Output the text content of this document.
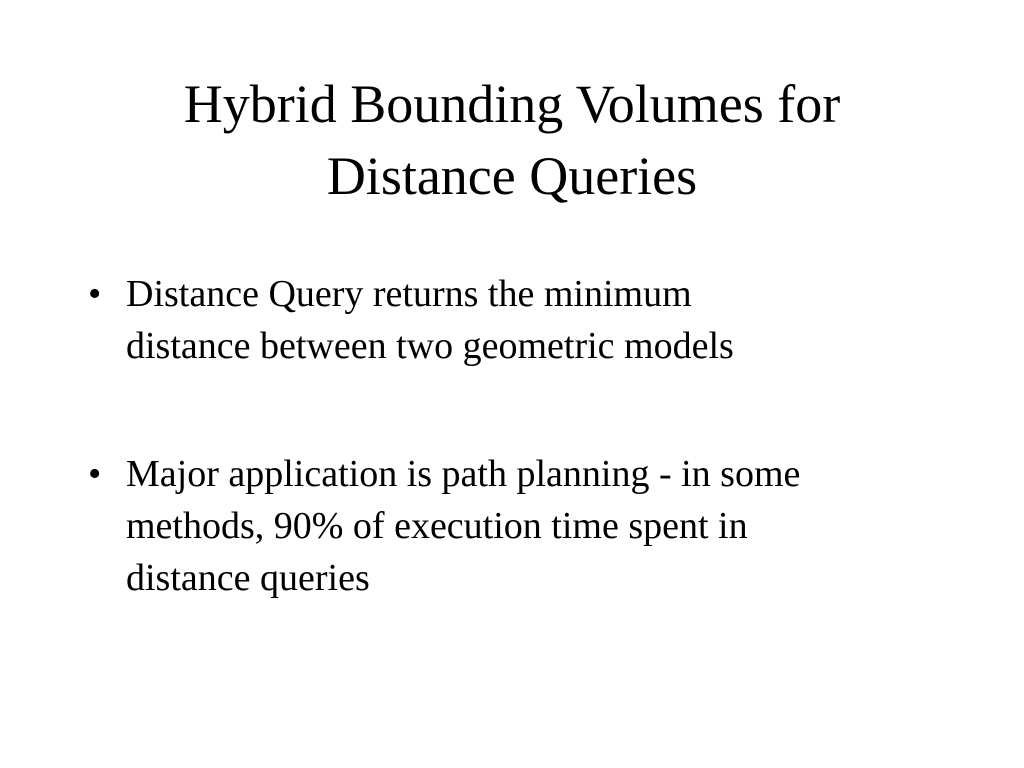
Hybrid Bounding Volumes for
Distance Queries
• Distance Query returns the minimum
distance between two geometric models
• Major application is path planning - in some
methods, 90% of execution time spent in
distance queries
